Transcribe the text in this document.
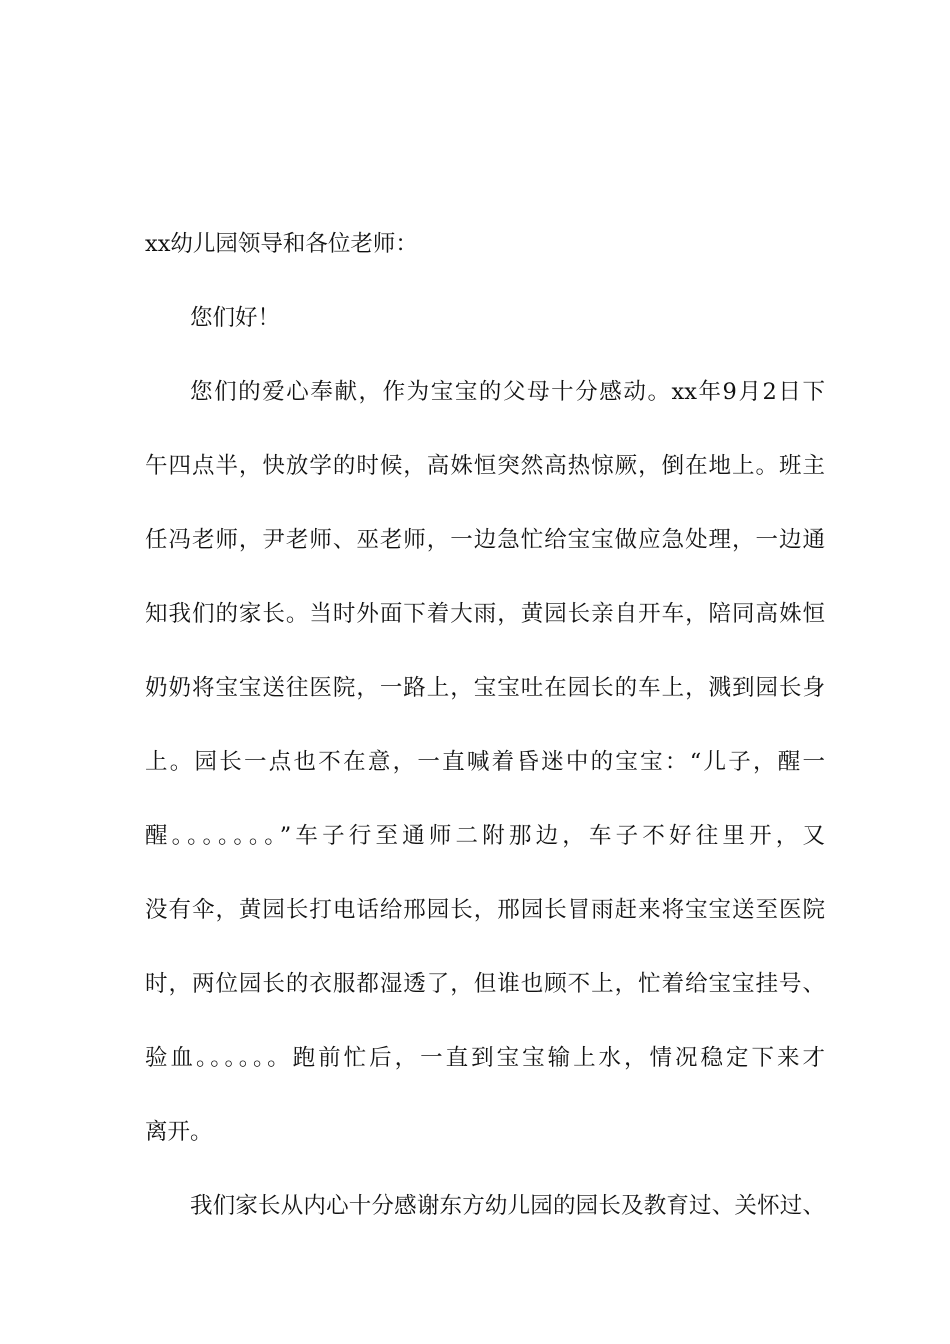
xx幼儿园领导和各位老师：
您们好！
您们的爱心奉献，作为宝宝的父母十分感动。xx年9月2日下
午四点半，快放学的时候，高姝恒突然高热惊厥，倒在地上。班主
任冯老师，尹老师、巫老师，一边急忙给宝宝做应急处理，一边通
知我们的家长。当时外面下着大雨，黄园长亲自开车，陪同高姝恒
奶奶将宝宝送往医院，一路上，宝宝吐在园长的车上，溅到园长身
上。园长一点也不在意，一直喊着昏迷中的宝宝：“儿子，醒一
醒。。。。。。。”车子行至通师二附那边，车子不好往里开，又
没有伞，黄园长打电话给邢园长，邢园长冒雨赶来将宝宝送至医院
时，两位园长的衣服都湿透了，但谁也顾不上，忙着给宝宝挂号、
验血。。。。。。跑前忙后，一直到宝宝输上水，情况稳定下来才
离开。
我们家长从内心十分感谢东方幼儿园的园长及教育过、关怀过、
